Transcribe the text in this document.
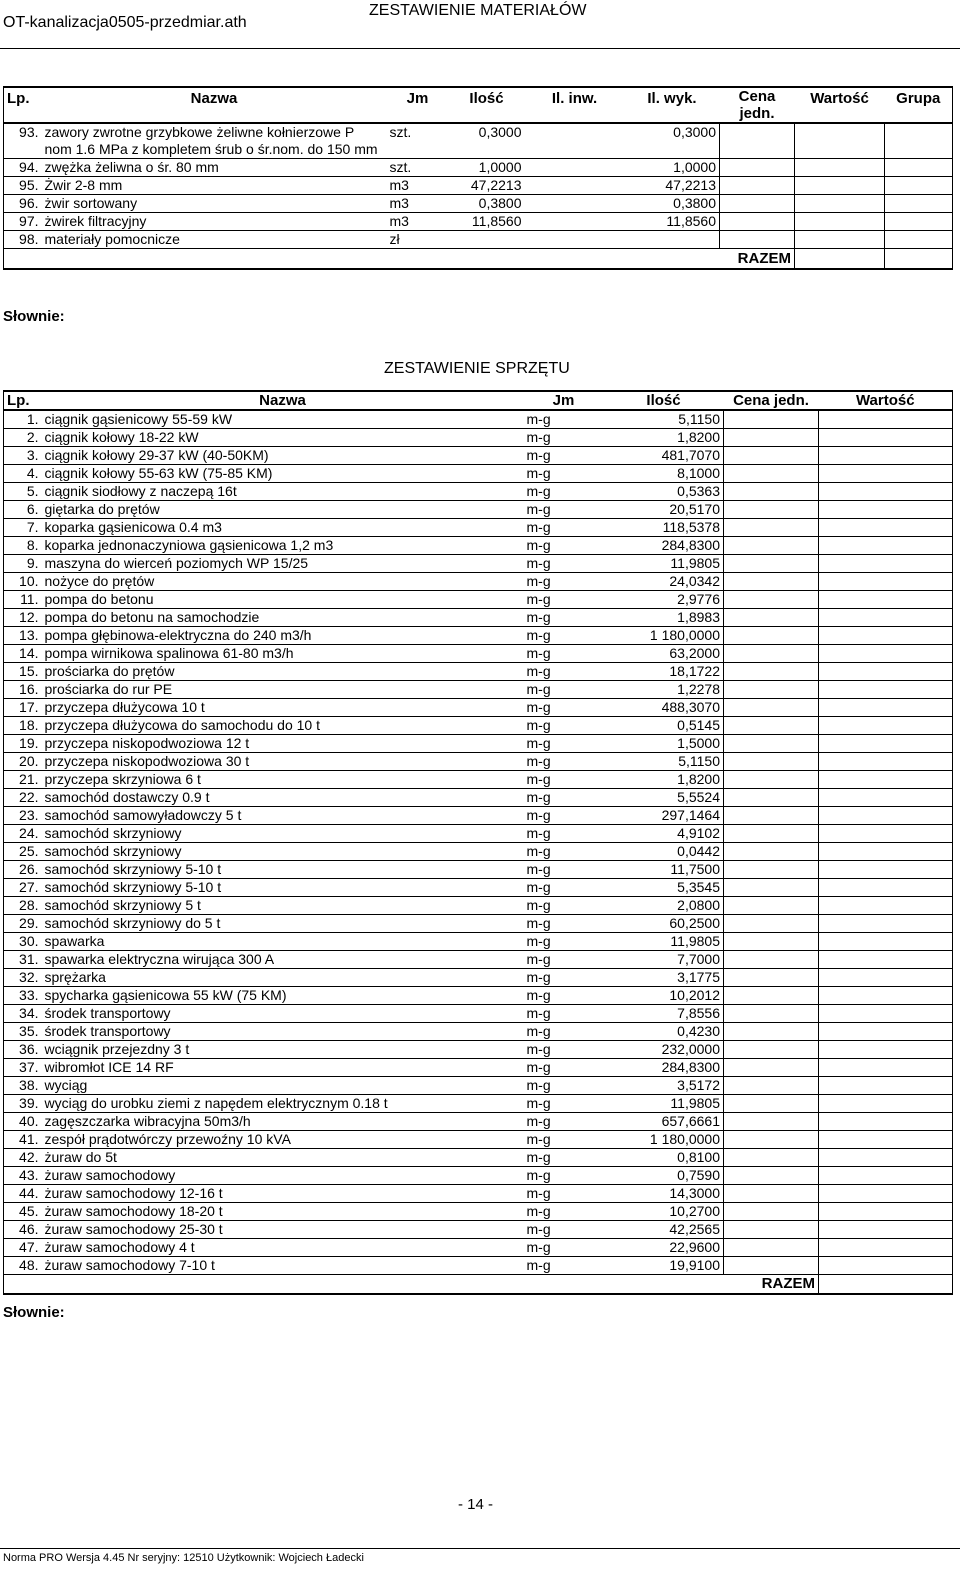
OT-kanalizacja0505-przedmiar.ath
ZESTAWIENIE MATERIAŁÓW
Lp.	Nazwa	Jm	Ilość	Il. inw.	Il. wyk.	Cena jedn.	Wartość	Grupa
93.	zawory zwrotne grzybkowe żeliwne kołnierzowe P nom 1.6 MPa z kompletem śrub o śr.nom. do 150 mm	szt.	0,3000		0,3000			
94.	zwężka żeliwna o śr. 80 mm	szt.	1,0000		1,0000			
95.	Żwir 2-8 mm	m3	47,2213		47,2213			
96.	żwir sortowany	m3	0,3800		0,3800			
97.	żwirek filtracyjny	m3	11,8560		11,8560			
98.	materiały pomocnicze	zł						
						RAZEM		
Słownie:
ZESTAWIENIE SPRZĘTU
Lp.	Nazwa	Jm	Ilość	Cena jedn.	Wartość
1.	ciągnik gąsienicowy 55-59 kW	m-g	5,1150		
2.	ciągnik kołowy 18-22 kW	m-g	1,8200		
3.	ciągnik kołowy 29-37 kW (40-50KM)	m-g	481,7070		
4.	ciągnik kołowy 55-63 kW (75-85 KM)	m-g	8,1000		
5.	ciągnik siodłowy z naczepą 16t	m-g	0,5363		
6.	giętarka do prętów	m-g	20,5170		
7.	koparka gąsienicowa 0.4 m3	m-g	118,5378		
8.	koparka jednonaczyniowa gąsienicowa 1,2 m3	m-g	284,8300		
9.	maszyna do wierceń poziomych WP 15/25	m-g	11,9805		
10.	nożyce do prętów	m-g	24,0342		
11.	pompa do betonu	m-g	2,9776		
12.	pompa do betonu na samochodzie	m-g	1,8983		
13.	pompa głębinowa-elektryczna do 240 m3/h	m-g	1 180,0000		
14.	pompa wirnikowa spalinowa 61-80 m3/h	m-g	63,2000		
15.	prościarka do prętów	m-g	18,1722		
16.	prościarka do rur PE	m-g	1,2278		
17.	przyczepa dłużycowa 10 t	m-g	488,3070		
18.	przyczepa dłużycowa do samochodu do 10 t	m-g	0,5145		
19.	przyczepa niskopodwoziowa 12 t	m-g	1,5000		
20.	przyczepa niskopodwoziowa 30 t	m-g	5,1150		
21.	przyczepa skrzyniowa 6 t	m-g	1,8200		
22.	samochód dostawczy 0.9 t	m-g	5,5524		
23.	samochód samowyładowczy 5 t	m-g	297,1464		
24.	samochód skrzyniowy	m-g	4,9102		
25.	samochód skrzyniowy	m-g	0,0442		
26.	samochód skrzyniowy 5-10 t	m-g	11,7500		
27.	samochód skrzyniowy 5-10 t	m-g	5,3545		
28.	samochód skrzyniowy 5 t	m-g	2,0800		
29.	samochód skrzyniowy do 5 t	m-g	60,2500		
30.	spawarka	m-g	11,9805		
31.	spawarka elektryczna wirująca 300 A	m-g	7,7000		
32.	sprężarka	m-g	3,1775		
33.	spycharka gąsienicowa 55 kW (75 KM)	m-g	10,2012		
34.	środek transportowy	m-g	7,8556		
35.	środek transportowy	m-g	0,4230		
36.	wciągnik przejezdny 3 t	m-g	232,0000		
37.	wibromłot ICE 14 RF	m-g	284,8300		
38.	wyciąg	m-g	3,5172		
39.	wyciąg do urobku ziemi z napędem elektrycznym 0.18 t	m-g	11,9805		
40.	zagęszczarka wibracyjna 50m3/h	m-g	657,6661		
41.	zespół prądotwórczy przewoźny 10 kVA	m-g	1 180,0000		
42.	żuraw do 5t	m-g	0,8100		
43.	żuraw samochodowy	m-g	0,7590		
44.	żuraw samochodowy 12-16 t	m-g	14,3000		
45.	żuraw samochodowy 18-20 t	m-g	10,2700		
46.	żuraw samochodowy 25-30 t	m-g	42,2565		
47.	żuraw samochodowy 4 t	m-g	22,9600		
48.	żuraw samochodowy 7-10 t	m-g	19,9100		
				RAZEM	
Słownie:
- 14 -
Norma PRO Wersja 4.45 Nr seryjny: 12510 Użytkownik: Wojciech Ładecki
